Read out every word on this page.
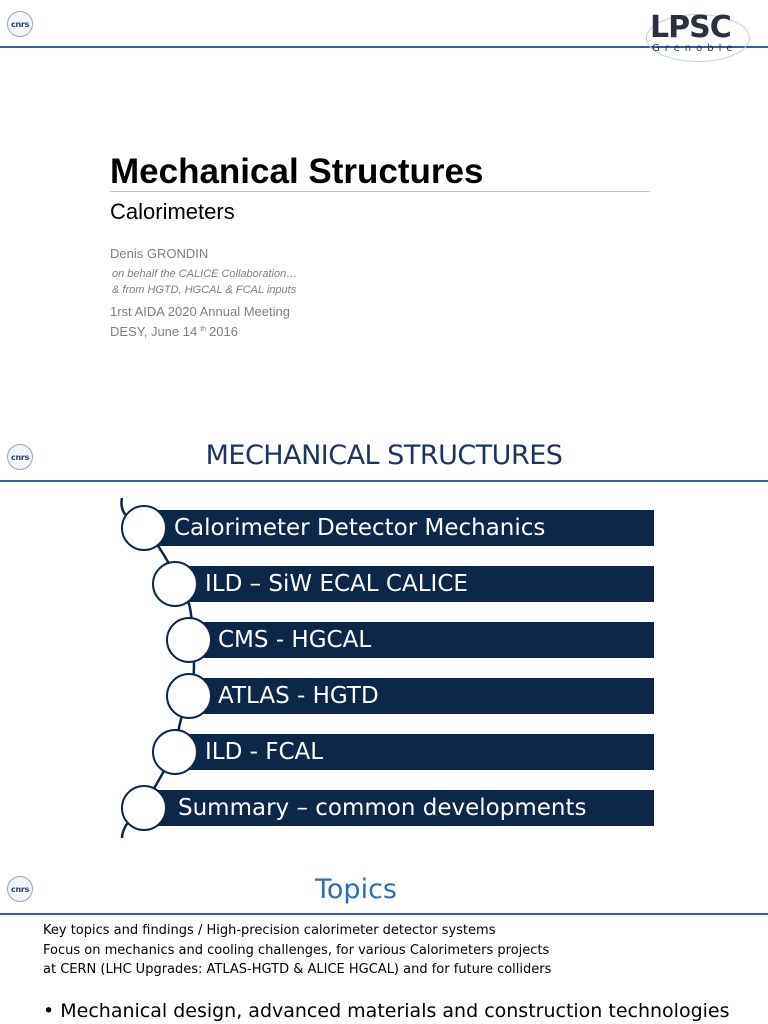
cnrs	LPSC
Grenoble
Mechanical Structures
Calorimeters
Denis GRONDIN
on behalf the CALICE Collaboration…
& from HGTD, HGCAL & FCAL inputs
1rst AIDA 2020 Annual Meeting
DESY, June 14 $^{th}$ 2016
cnrs	MECHANICAL STRUCTURES
Calorimeter Detector Mechanics
ILD – SiW ECAL CALICE
CMS - HGCAL
ATLAS - HGTD
ILD - FCAL
Summary – common developments
cnrs	Topics
Key topics and findings / High-precision calorimeter detector systems
Focus on mechanics and cooling challenges, for various Calorimeters projects
at CERN (LHC Upgrades: ATLAS-HGTD & ALICE HGCAL) and for future colliders
• Mechanical design, advanced materials and construction technologies
